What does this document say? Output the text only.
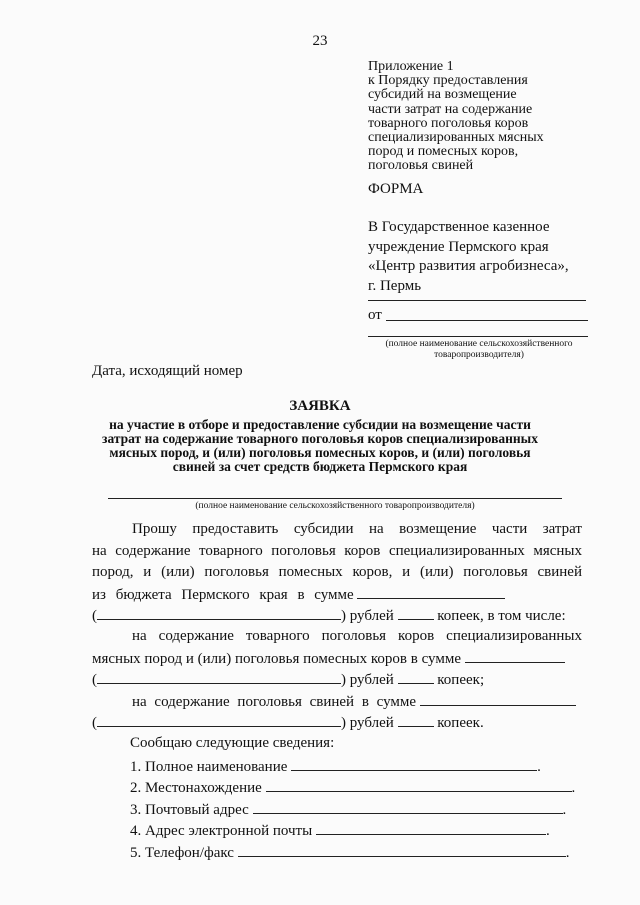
23
Приложение 1
к Порядку предоставления
субсидий на возмещение
части затрат на содержание
товарного поголовья коров
специализированных мясных
пород и помесных коров,
поголовья свиней
ФОРМА
В Государственное казенное
учреждение Пермского края
«Центр развития агробизнеса»,
г. Пермь
от
(полное наименование сельскохозяйственного
товаропроизводителя)
Дата, исходящий номер
ЗАЯВКА
на участие в отборе и предоставление субсидии на возмещение части затрат на содержание товарного поголовья коров специализированных мясных пород, и (или) поголовья помесных коров, и (или) поголовья свиней за счет средств бюджета Пермского края
(полное наименование сельскохозяйственного товаропроизводителя)
Прошу предоставить субсидии на возмещение части затрат
на содержание товарного поголовья коров специализированных мясных
пород, и (или) поголовья помесных коров, и (или) поголовья свиней
из бюджета Пермского края в сумме
(	) рублей	копеек, в том числе:
на содержание товарного поголовья коров специализированных
мясных пород и (или) поголовья помесных коров в сумме
(	) рублей	копеек;
на содержание поголовья свиней в сумме
(	) рублей	копеек.
Сообщаю следующие сведения:
1. Полное наименование	.
2. Местонахождение	.
3. Почтовый адрес	.
4. Адрес электронной почты	.
5. Телефон/факс	.
